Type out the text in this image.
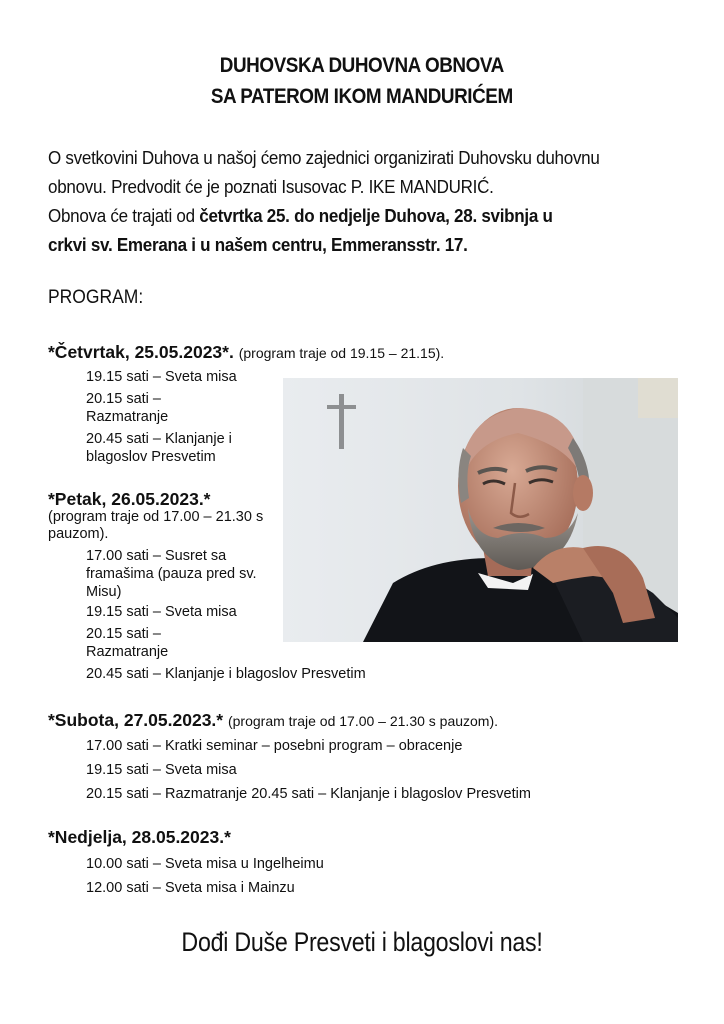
DUHOVSKA DUHOVNA OBNOVA
SA PATEROM IKOM MANDURIĆEM
O svetkovini Duhova u našoj ćemo zajednici organizirati Duhovsku duhovnu
obnovu. Predvodit će je poznati Isusovac P. IKE MANDURIĆ.
Obnova će trajati od četvrtka 25. do nedjelje Duhova, 28. svibnja u
crkvi sv. Emerana i u našem centru, Emmeransstr. 17.
PROGRAM:
*Četvrtak, 25.05.2023*. (program traje od 19.15 – 21.15).
19.15 sati – Sveta misa
20.15 sati – Razmatranje
20.45 sati – Klanjanje i blagoslov Presvetim
*Petak, 26.05.2023.*
(program traje od 17.00 – 21.30 s pauzom).
17.00 sati – Susret sa framašima (pauza pred sv. Misu)
19.15 sati – Sveta misa
20.15 sati – Razmatranje
20.45 sati – Klanjanje i blagoslov Presvetim
*Subota, 27.05.2023.* (program traje od 17.00 – 21.30 s pauzom).
17.00 sati – Kratki seminar – posebni program – obracenje
19.15 sati – Sveta misa
20.15 sati – Razmatranje 20.45 sati – Klanjanje i blagoslov Presvetim
*Nedjelja, 28.05.2023.*
10.00 sati – Sveta misa u Ingelheimu
12.00 sati – Sveta misa i Mainzu
Dođi Duše Presveti i blagoslovi nas!
